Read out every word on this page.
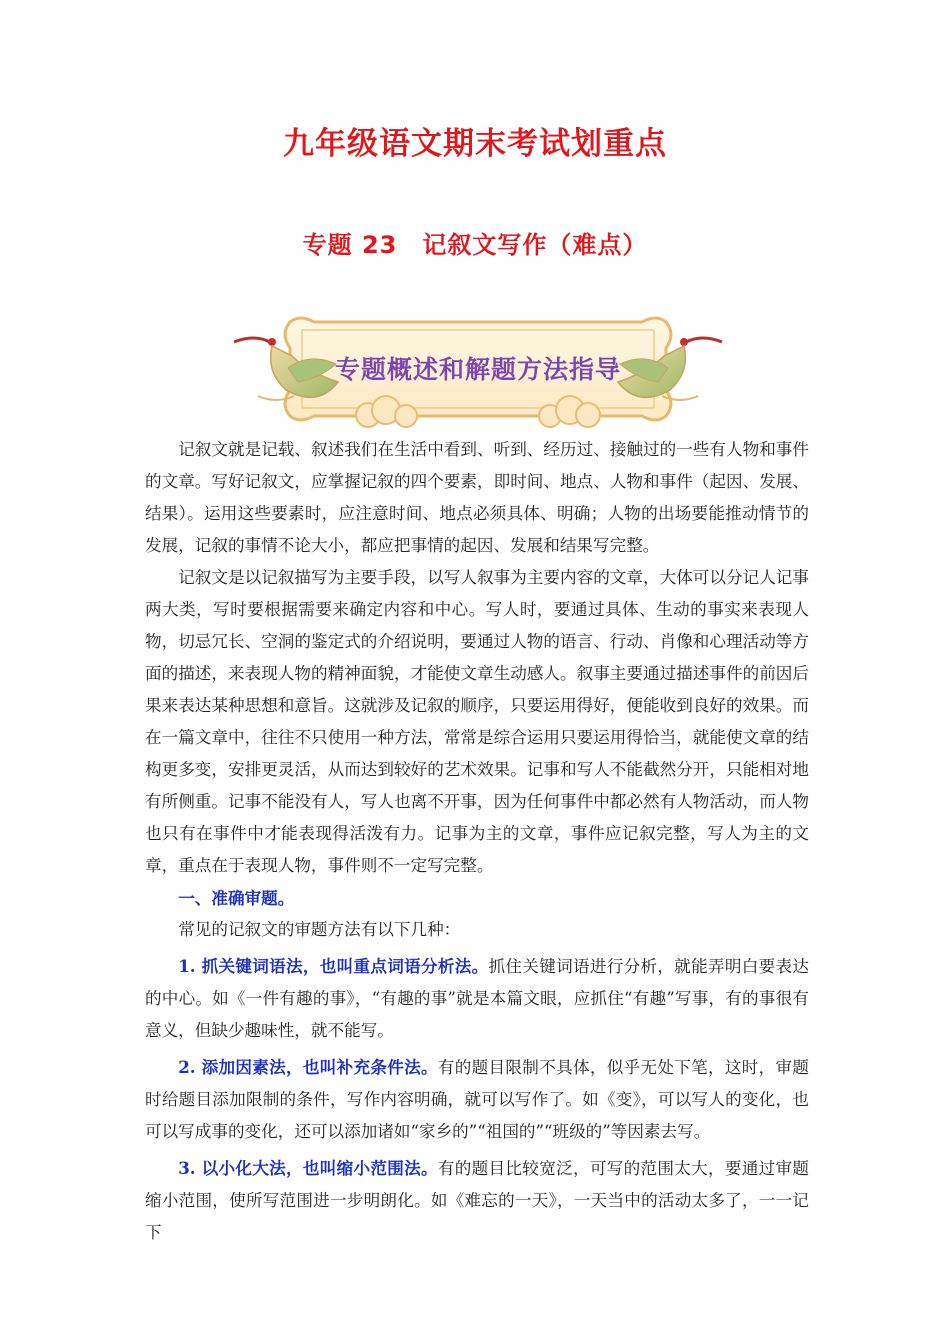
九年级语文期末考试划重点
专题 23　记叙文写作（难点）
专题概述和解题方法指导

记叙文就是记载、叙述我们在生活中看到、听到、经历过、接触过的一些有人物和事件的文章。写好记叙文，应掌握记叙的四个要素，即时间、地点、人物和事件（起因、发展、结果）。运用这些要素时，应注意时间、地点必须具体、明确；人物的出场要能推动情节的发展，记叙的事情不论大小，都应把事情的起因、发展和结果写完整。

记叙文是以记叙描写为主要手段，以写人叙事为主要内容的文章，大体可以分记人记事两大类，写时要根据需要来确定内容和中心。写人时，要通过具体、生动的事实来表现人物，切忌冗长、空洞的鉴定式的介绍说明，要通过人物的语言、行动、肖像和心理活动等方面的描述，来表现人物的精神面貌，才能使文章生动感人。叙事主要通过描述事件的前因后果来表达某种思想和意旨。这就涉及记叙的顺序，只要运用得好，便能收到良好的效果。而在一篇文章中，往往不只使用一种方法，常常是综合运用只要运用得恰当，就能使文章的结构更多变，安排更灵活，从而达到较好的艺术效果。记事和写人不能截然分开，只能相对地有所侧重。记事不能没有人，写人也离不开事，因为任何事件中都必然有人物活动，而人物也只有在事件中才能表现得活泼有力。记事为主的文章，事件应记叙完整，写人为主的文章，重点在于表现人物，事件则不一定写完整。

一、准确审题。

常见的记叙文的审题方法有以下几种：

1. 抓关键词语法，也叫重点词语分析法。抓住关键词语进行分析，就能弄明白要表达的中心。如《一件有趣的事》，“有趣的事”就是本篇文眼，应抓住“有趣”写事，有的事很有意义，但缺少趣味性，就不能写。

2. 添加因素法，也叫补充条件法。有的题目限制不具体，似乎无处下笔，这时，审题时给题目添加限制的条件，写作内容明确，就可以写作了。如《变》，可以写人的变化，也可以写成事的变化，还可以添加诸如“家乡的”“祖国的”“班级的”等因素去写。

3. 以小化大法，也叫缩小范围法。有的题目比较宽泛，可写的范围太大，要通过审题缩小范围，使所写范围进一步明朗化。如《难忘的一天》，一天当中的活动太多了，一一记下
